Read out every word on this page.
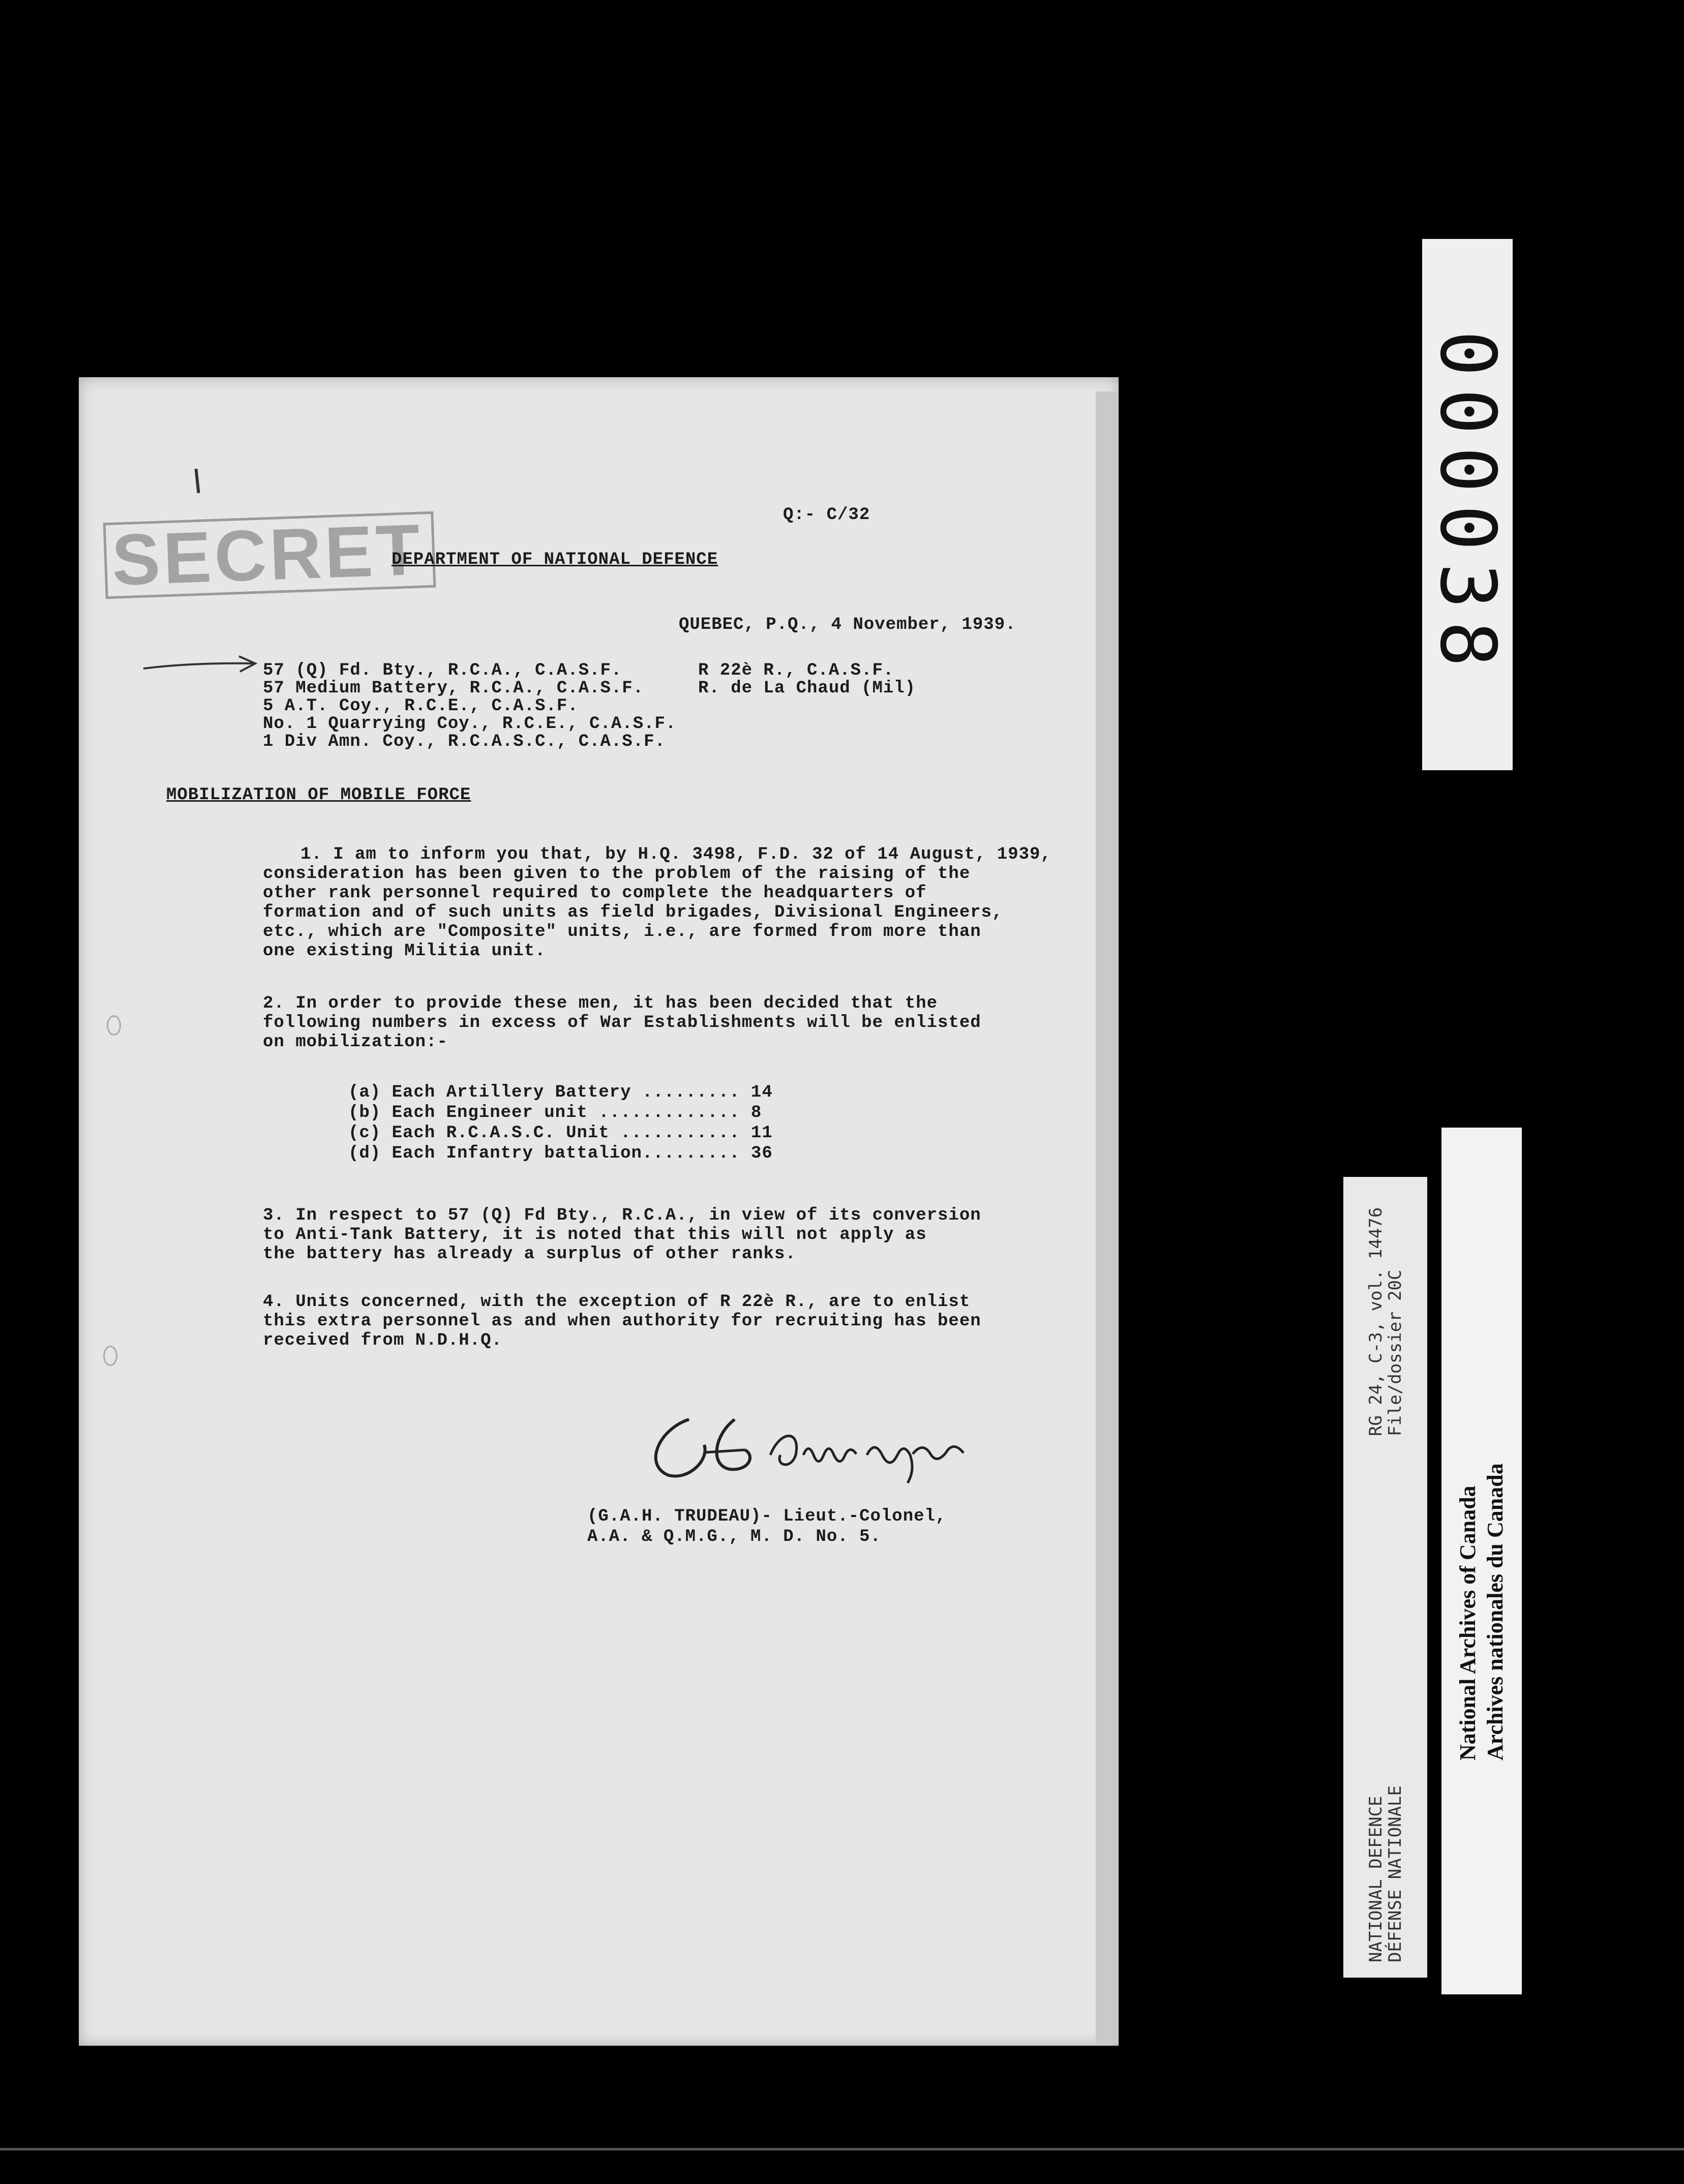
Q:- C/32
SECRET
DEPARTMENT OF NATIONAL DEFENCE
QUEBEC, P.Q., 4 November, 1939.
57 (Q) Fd. Bty., R.C.A., C.A.S.F.
57 Medium Battery, R.C.A., C.A.S.F.
5 A.T. Coy., R.C.E., C.A.S.F.
No. 1 Quarrying Coy., R.C.E., C.A.S.F.
1 Div Amn. Coy., R.C.A.S.C., C.A.S.F.
R 22è R., C.A.S.F.
R. de La Chaud (Mil)
MOBILIZATION OF MOBILE FORCE
1. I am to inform you that, by H.Q. 3498, F.D. 32 of 14 August, 1939,
consideration has been given to the problem of the raising of the
other rank personnel required to complete the headquarters of
formation and of such units as field brigades, Divisional Engineers,
etc., which are "Composite" units, i.e., are formed from more than
one existing Militia unit.
2. In order to provide these men, it has been decided that the
following numbers in excess of War Establishments will be enlisted
on mobilization:-
(a) Each Artillery Battery ......... 14
(b) Each Engineer unit ............. 8
(c) Each R.C.A.S.C. Unit ........... 11
(d) Each Infantry battalion......... 36
3. In respect to 57 (Q) Fd Bty., R.C.A., in view of its conversion
to Anti-Tank Battery, it is noted that this will not apply as
the battery has already a surplus of other ranks.
4. Units concerned, with the exception of R 22è R., are to enlist
this extra personnel as and when authority for recruiting has been
received from N.D.H.Q.
(G.A.H. TRUDEAU)- Lieut.-Colonel,
A.A. & Q.M.G., M. D. No. 5.
000038
RG 24, C-3, vol. 14476
File/dossier 20C
NATIONAL DEFENCE
DÉFENSE NATIONALE
National Archives of Canada Archives nationales du Canada
